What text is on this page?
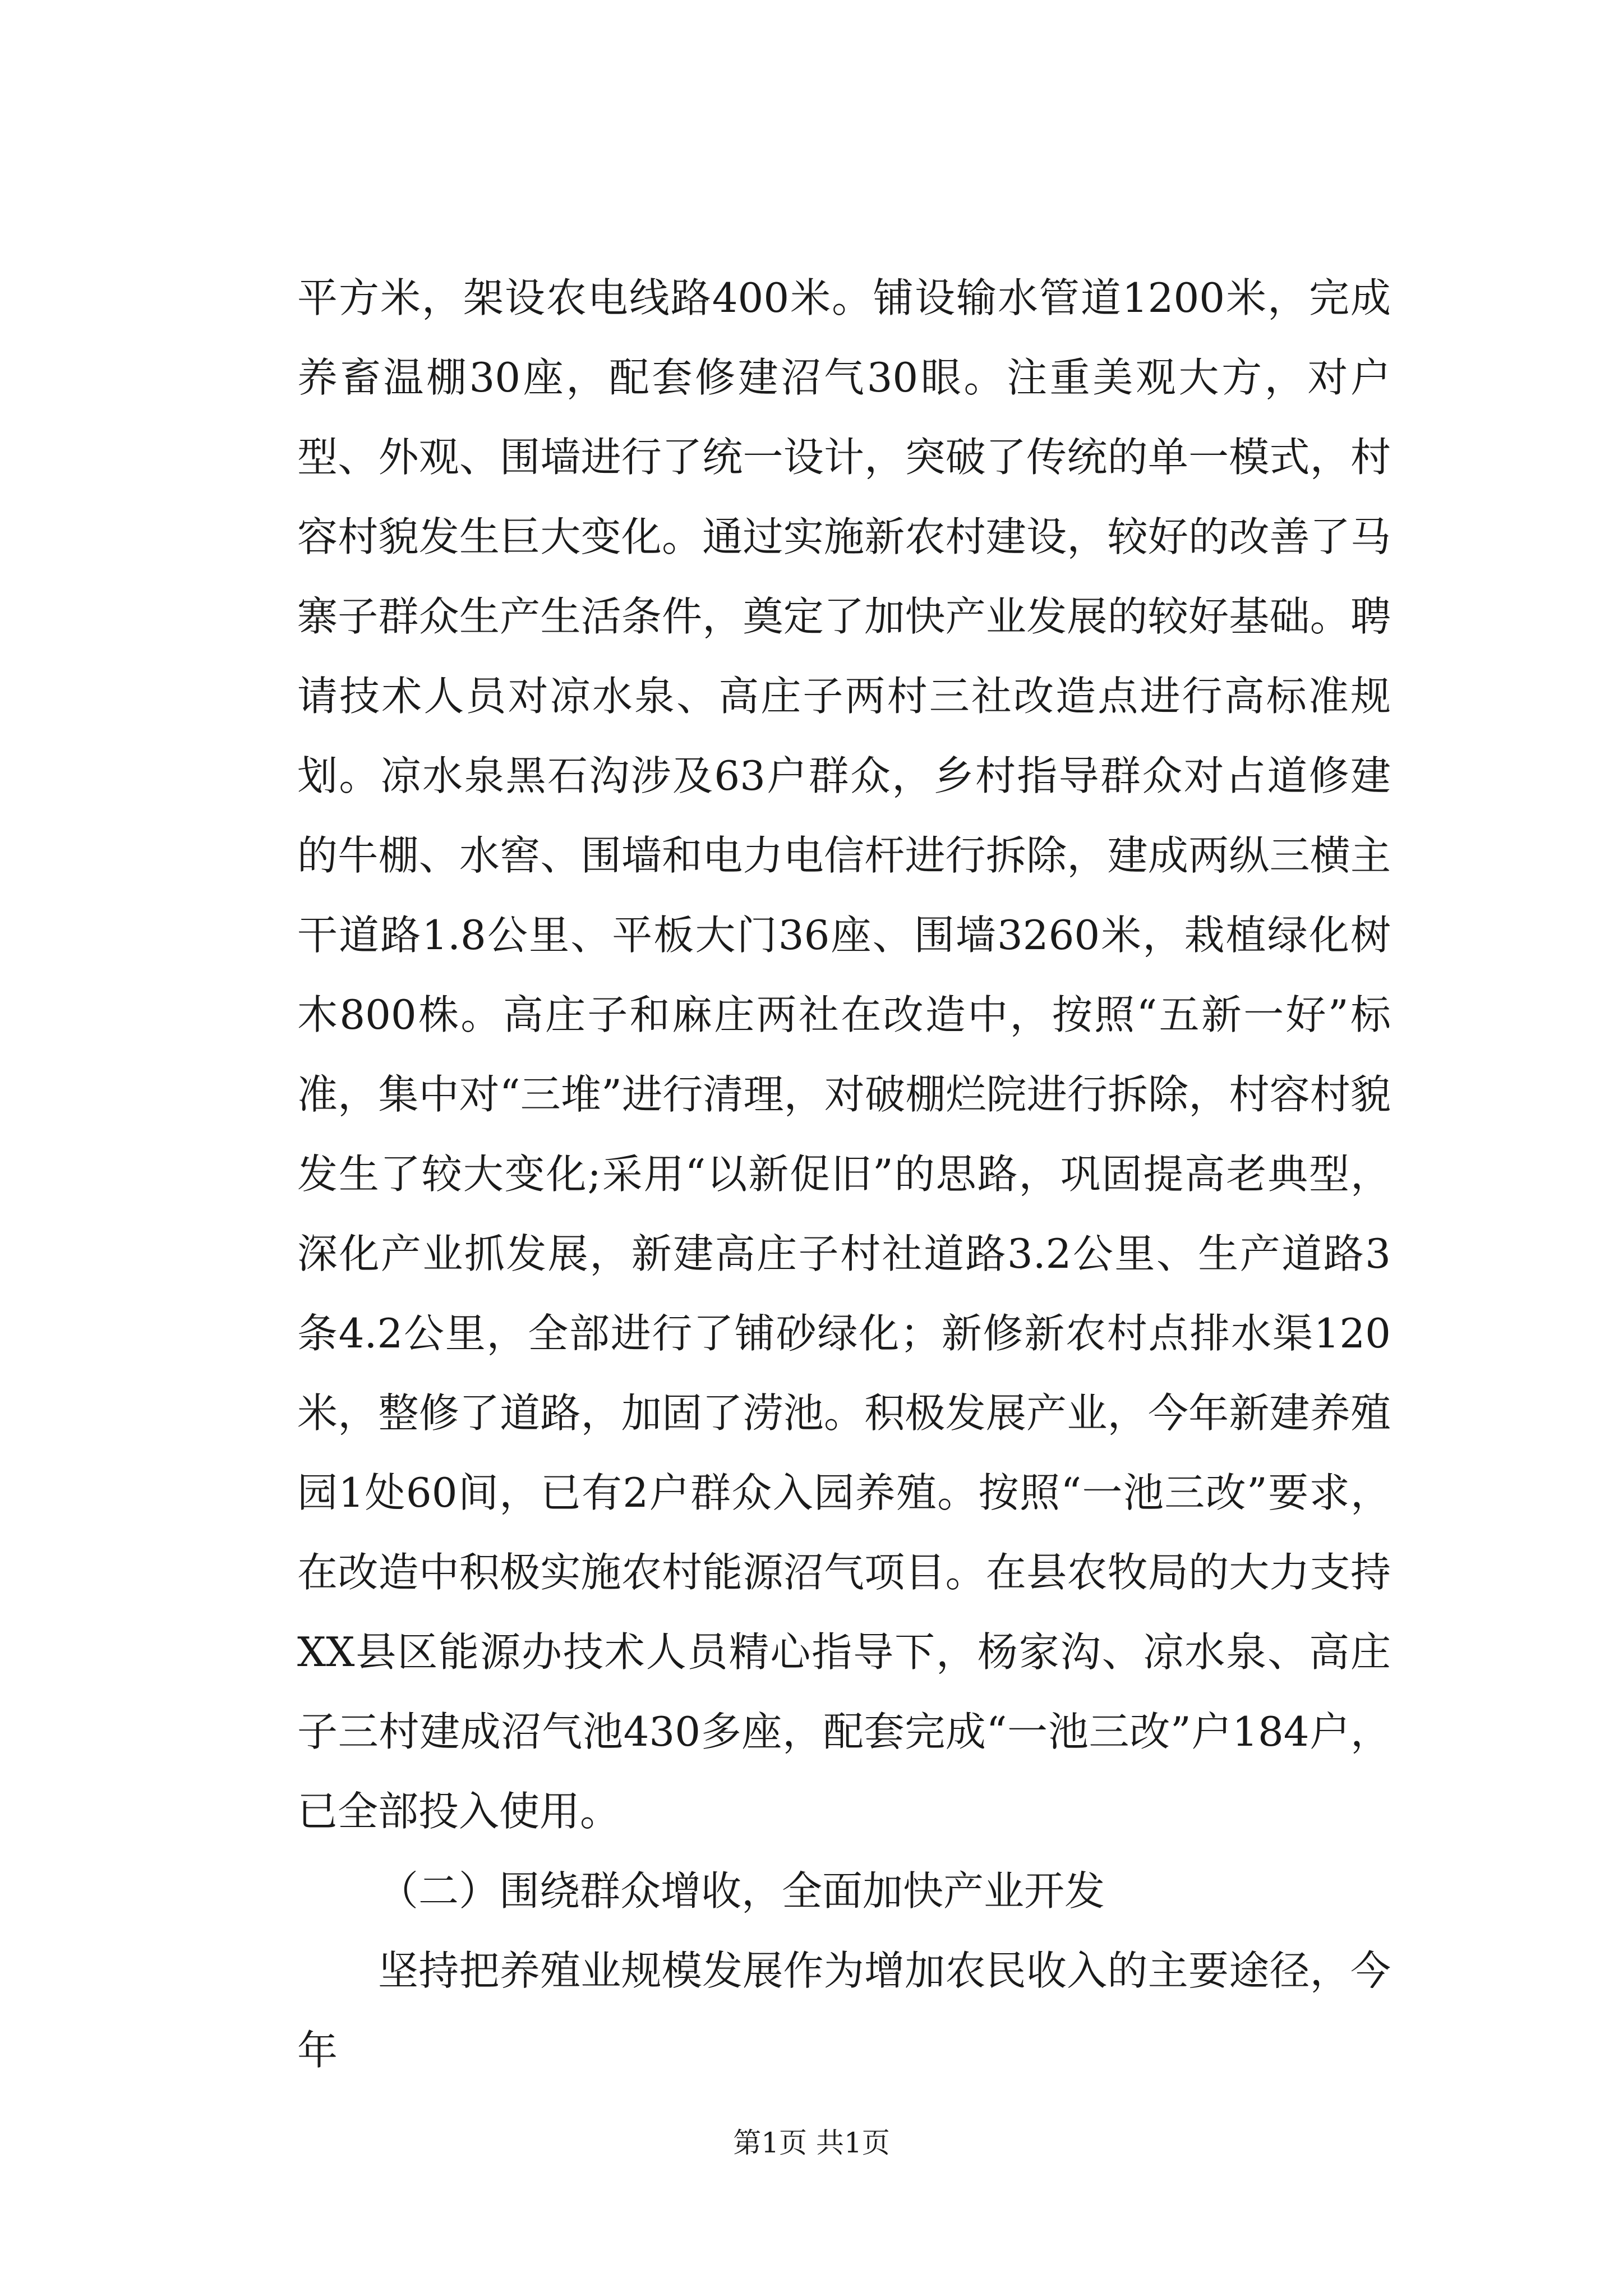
平方米，架设农电线路400米。铺设输水管道1200米，完成养畜温棚30座，配套修建沼气30眼。注重美观大方，对户型、外观、围墙进行了统一设计，突破了传统的单一模式，村容村貌发生巨大变化。通过实施新农村建设，较好的改善了马寨子群众生产生活条件，奠定了加快产业发展的较好基础。聘请技术人员对凉水泉、高庄子两村三社改造点进行高标准规划。凉水泉黑石沟涉及63户群众，乡村指导群众对占道修建的牛棚、水窖、围墙和电力电信杆进行拆除，建成两纵三横主干道路1.8公里、平板大门36座、围墙3260米，栽植绿化树木800株。高庄子和麻庄两社在改造中，按照“五新一好”标准，集中对“三堆”进行清理，对破棚烂院进行拆除，村容村貌发生了较大变化;采用“以新促旧”的思路，巩固提高老典型，深化产业抓发展，新建高庄子村社道路3.2公里、生产道路3条4.2公里，全部进行了铺砂绿化；新修新农村点排水渠120米，整修了道路，加固了涝池。积极发展产业，今年新建养殖园1处60间，已有2户群众入园养殖。按照“一池三改”要求，在改造中积极实施农村能源沼气项目。在县农牧局的大力支持XX县区能源办技术人员精心指导下，杨家沟、凉水泉、高庄子三村建成沼气池430多座，配套完成“一池三改”户184户，已全部投入使用。

（二）围绕群众增收，全面加快产业开发

坚持把养殖业规模发展作为增加农民收入的主要途径，今年

第1页 共1页
